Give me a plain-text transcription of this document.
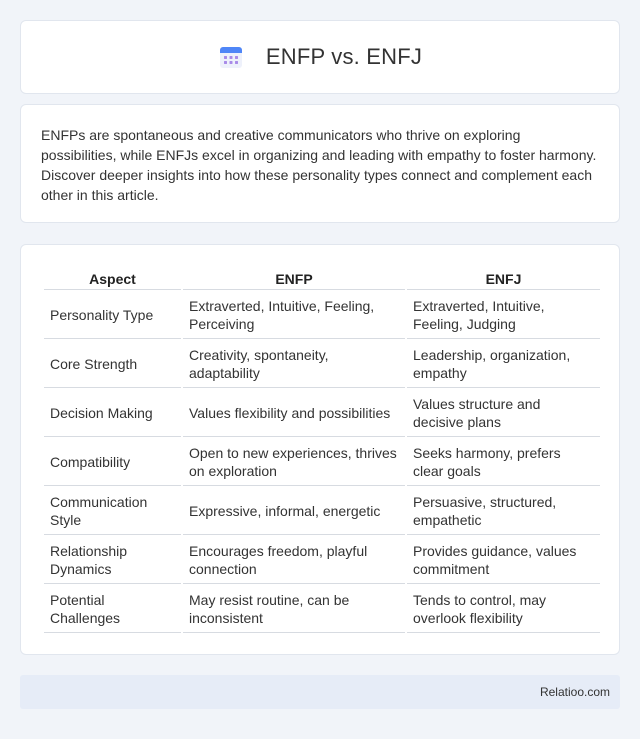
ENFP vs. ENFJ

ENFPs are spontaneous and creative communicators who thrive on exploring possibilities, while ENFJs excel in organizing and leading with empathy to foster harmony. Discover deeper insights into how these personality types connect and complement each other in this article.

Aspect	ENFP	ENFJ
Personality Type	Extraverted, Intuitive, Feeling, Perceiving	Extraverted, Intuitive, Feeling, Judging
Core Strength	Creativity, spontaneity, adaptability	Leadership, organization, empathy
Decision Making	Values flexibility and possibilities	Values structure and decisive plans
Compatibility	Open to new experiences, thrives on exploration	Seeks harmony, prefers clear goals
Communication Style	Expressive, informal, energetic	Persuasive, structured, empathetic
Relationship Dynamics	Encourages freedom, playful connection	Provides guidance, values commitment
Potential Challenges	May resist routine, can be inconsistent	Tends to control, may overlook flexibility
Relatioo.com
